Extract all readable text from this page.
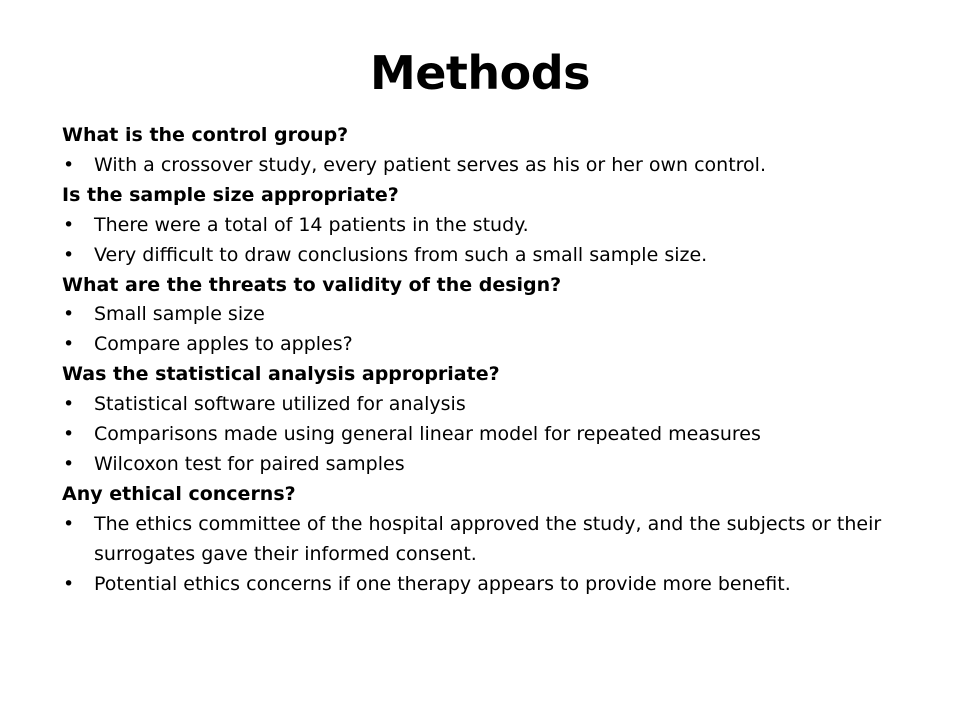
Methods

What is the control group?

• With a crossover study, every patient serves as his or her own control.

Is the sample size appropriate?

• There were a total of 14 patients in the study.
• Very difficult to draw conclusions from such a small sample size.

What are the threats to validity of the design?

• Small sample size
• Compare apples to apples?

Was the statistical analysis appropriate?

• Statistical software utilized for analysis
• Comparisons made using general linear model for repeated measures
• Wilcoxon test for paired samples

Any ethical concerns?

• The ethics committee of the hospital approved the study, and the subjects or their surrogates gave their informed consent.
• Potential ethics concerns if one therapy appears to provide more benefit.
